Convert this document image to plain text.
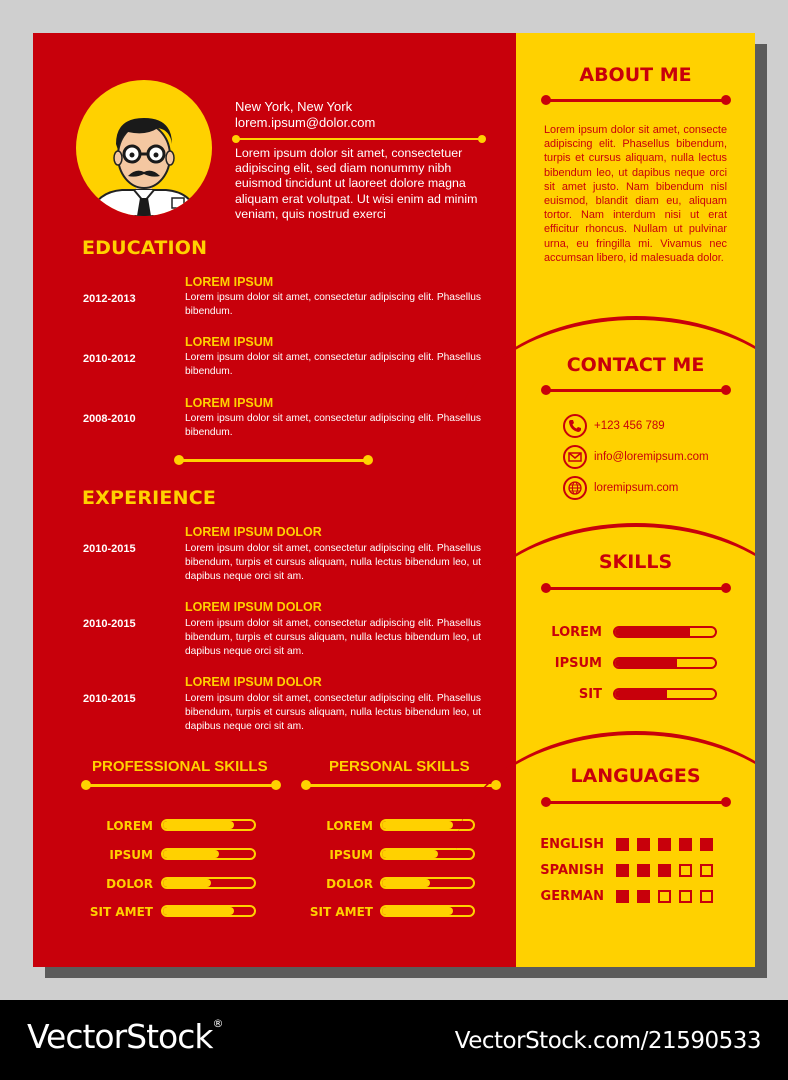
New York, New York
lorem.ipsum@dolor.com
Lorem ipsum dolor sit amet, consectetuer adipiscing elit, sed diam nonummy nibh euismod tincidunt ut laoreet dolore magna aliquam erat volutpat. Ut wisi enim ad minim veniam, quis nostrud exerci
EDUCATION
LOREM IPSUM
2012-2013	Lorem ipsum dolor sit amet, consectetur adipiscing elit. Phasellus bibendum.
LOREM IPSUM
2010-2012	Lorem ipsum dolor sit amet, consectetur adipiscing elit. Phasellus bibendum.
LOREM IPSUM
2008-2010	Lorem ipsum dolor sit amet, consectetur adipiscing elit. Phasellus bibendum.
EXPERIENCE
LOREM IPSUM DOLOR
2010-2015	Lorem ipsum dolor sit amet, consectetur adipiscing elit. Phasellus bibendum, turpis et cursus aliquam, nulla lectus bibendum leo, ut dapibus neque orci sit am.
LOREM IPSUM DOLOR
2010-2015	Lorem ipsum dolor sit amet, consectetur adipiscing elit. Phasellus bibendum, turpis et cursus aliquam, nulla lectus bibendum leo, ut dapibus neque orci sit am.
LOREM IPSUM DOLOR
2010-2015	Lorem ipsum dolor sit amet, consectetur adipiscing elit. Phasellus bibendum, turpis et cursus aliquam, nulla lectus bibendum leo, ut dapibus neque orci sit am.
PROFESSIONAL SKILLS
LOREM
IPSUM
DOLOR
SIT AMET
PERSONAL SKILLS
LOREM
IPSUM
DOLOR
SIT AMET
ABOUT ME
Lorem ipsum dolor sit amet, consecte adipiscing elit. Phasellus bibendum, turpis et cursus aliquam, nulla lectus bibendum leo, ut dapibus neque orci sit amet justo. Nam bibendum nisl euismod, blandit diam eu, aliquam tortor. Nam interdum nisi ut erat efficitur rhoncus. Nullam ut pulvinar urna, eu fringilla mi. Vivamus nec accumsan libero, id malesuada dolor.
CONTACT ME
+123 456 789
info@loremipsum.com
loremipsum.com
SKILLS
LOREM
IPSUM
SIT
LANGUAGES
ENGLISH
SPANISH
GERMAN
VectorStock®
VectorStock.com/21590533
